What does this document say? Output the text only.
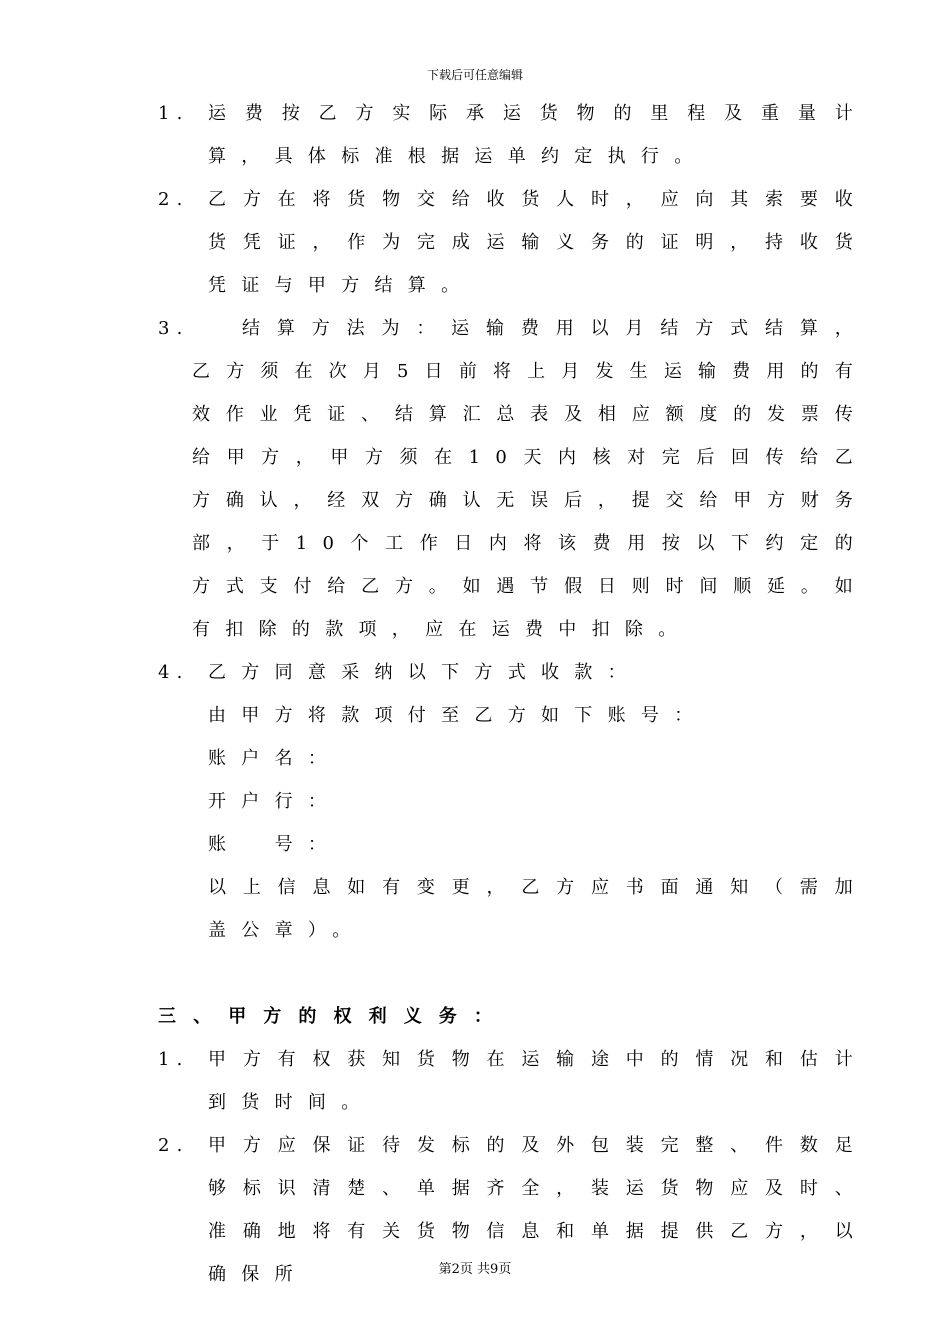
下载后可任意编辑
1.	运费按乙方实际承运货物的里程及重量计算，具体标准根据运单约定执行。
2.	乙方在将货物交给收货人时，应向其索要收货凭证，作为完成运输义务的证明，持收货凭证与甲方结算。
3.	结算方法为：运输费用以月结方式结算，乙方须在次月5日前将上月发生运输费用的有效作业凭证、结算汇总表及相应额度的发票传给甲方，甲方须在10天内核对完后回传给乙方确认，经双方确认无误后，提交给甲方财务部，于10个工作日内将该费用按以下约定的方式支付给乙方。如遇节假日则时间顺延。如有扣除的款项，应在运费中扣除。
4.	乙方同意采纳以下方式收款：
由甲方将款项付至乙方如下账号：
账户名：
开户行：
账　号：
以上信息如有变更，乙方应书面通知（需加盖公章）。
三、甲方的权利义务：
1.	甲方有权获知货物在运输途中的情况和估计到货时间。
2.	甲方应保证待发标的及外包装完整、件数足够标识清楚、单据齐全，装运货物应及时、准确地将有关货物信息和单据提供乙方，以确保所	第2页 共9页
